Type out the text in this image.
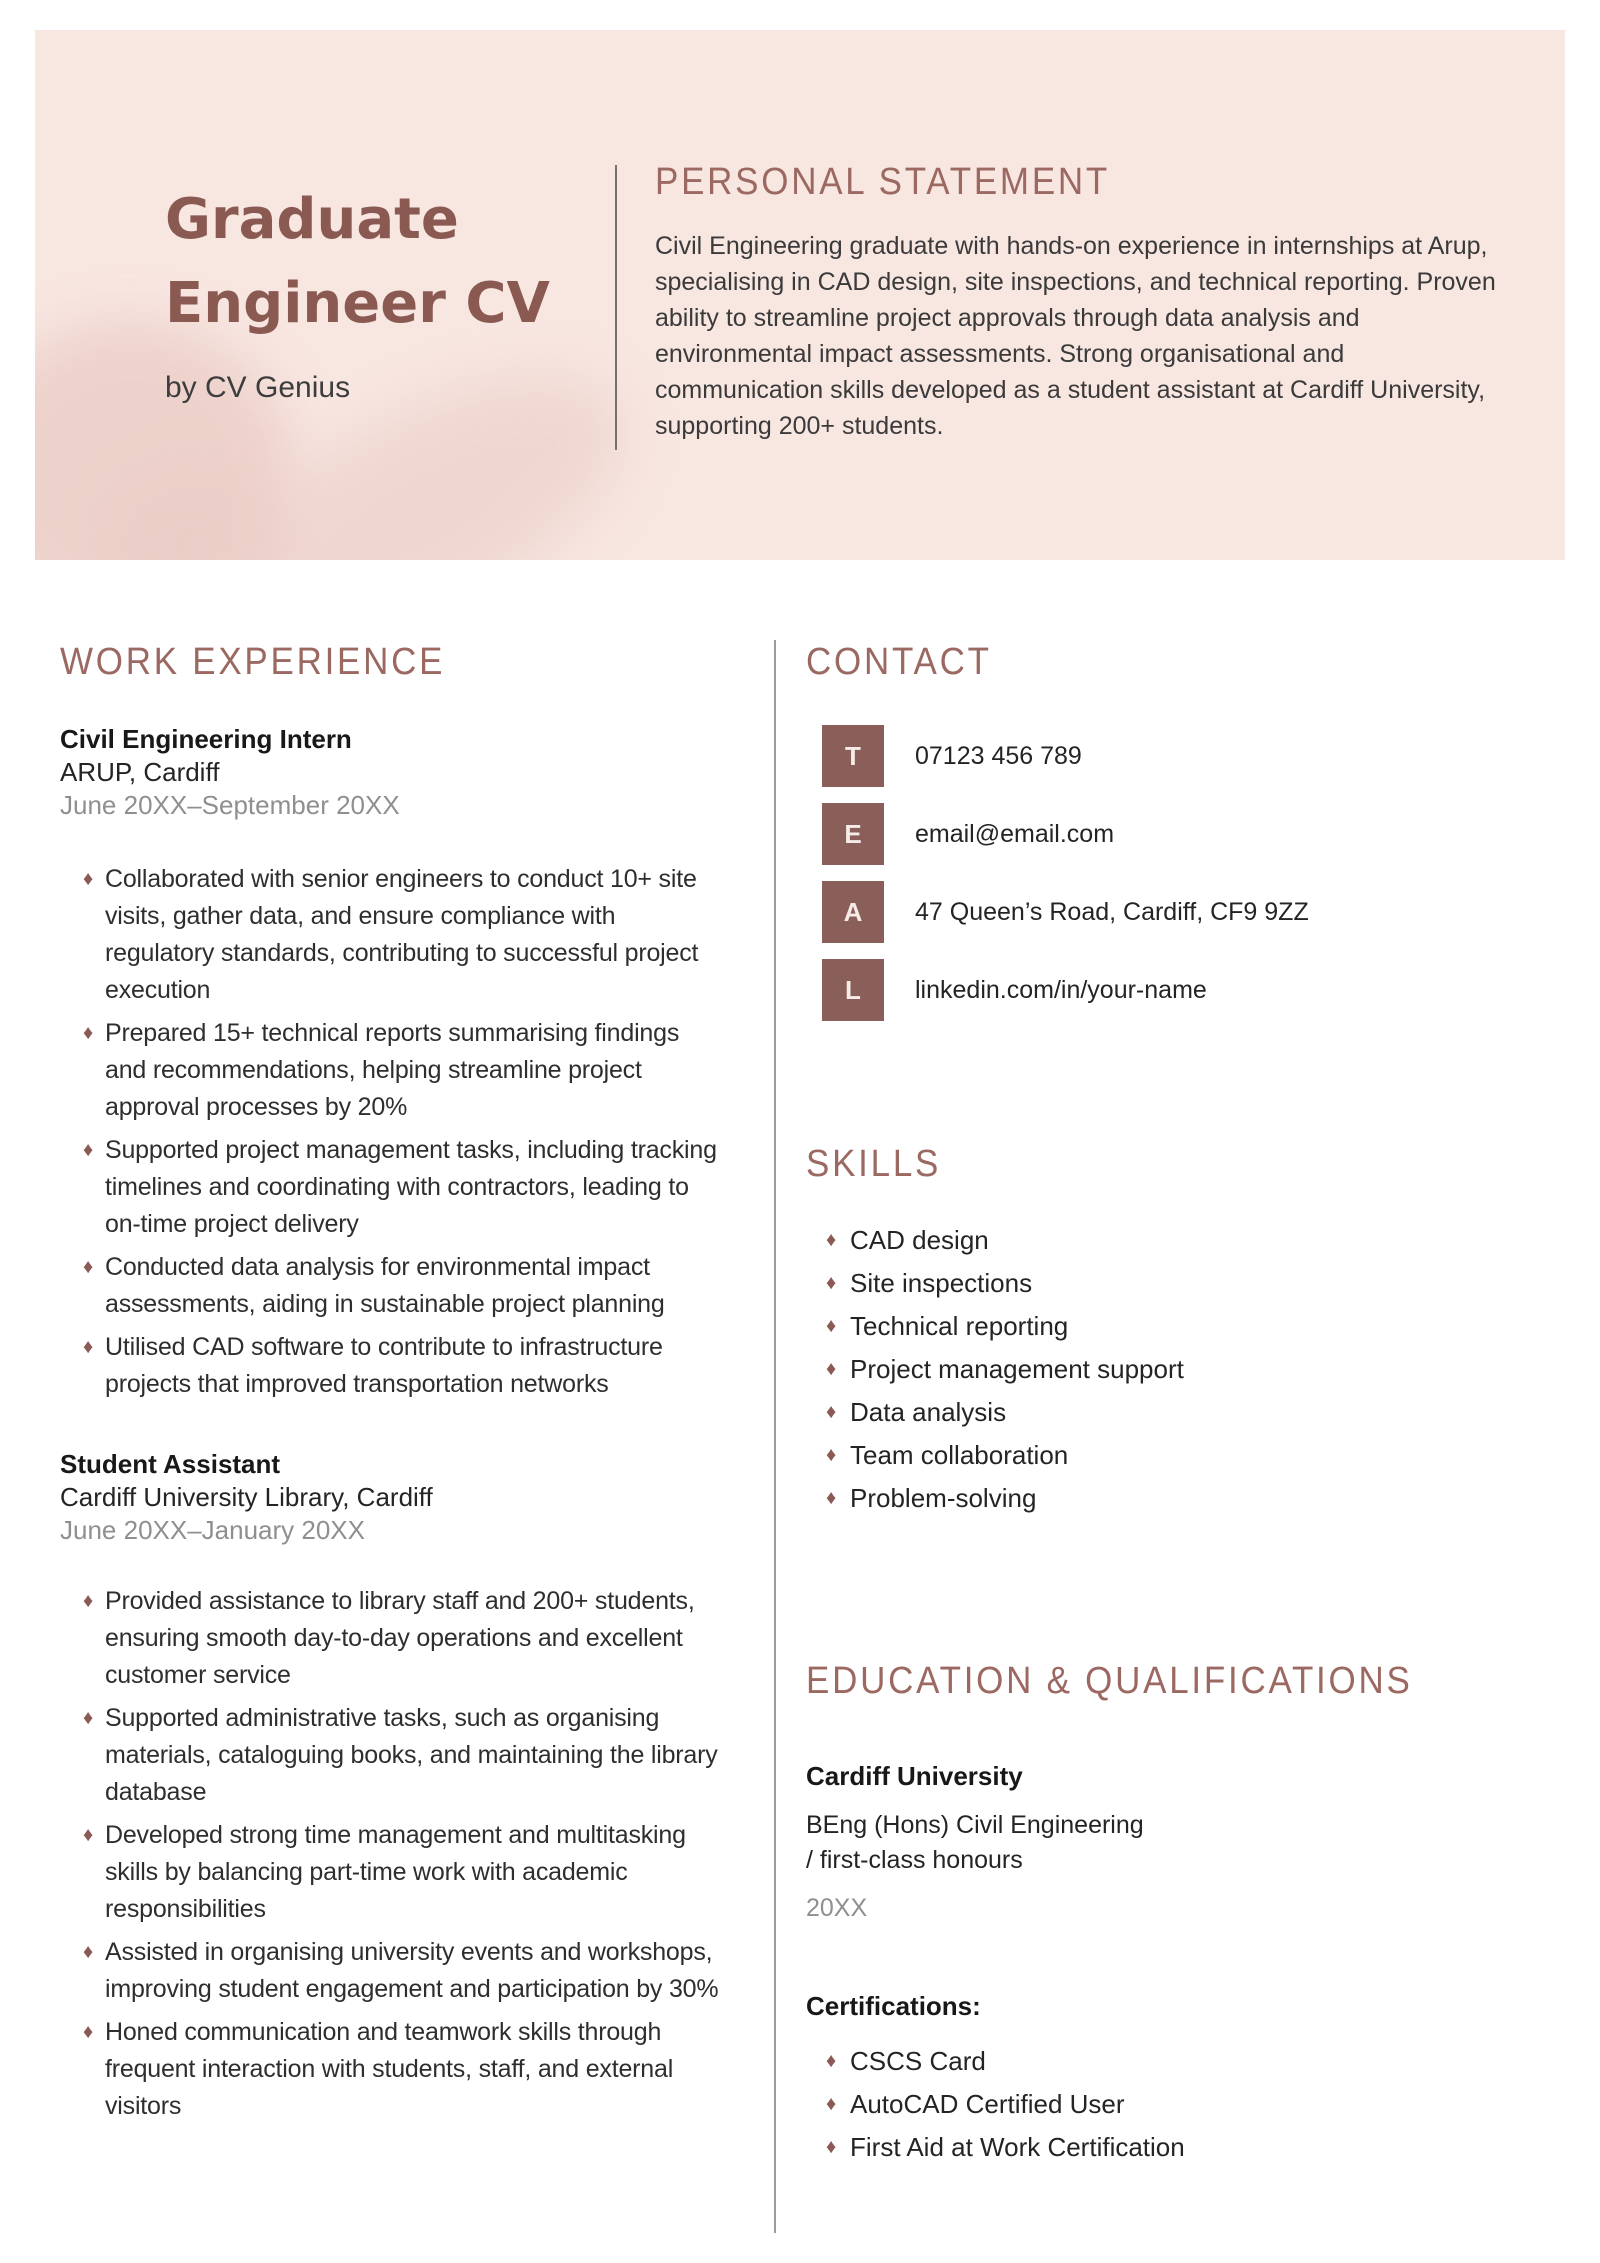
Graduate Engineer CV
by CV Genius
PERSONAL STATEMENT

Civil Engineering graduate with hands-on experience in internships at Arup, specialising in CAD design, site inspections, and technical reporting. Proven ability to streamline project approvals through data analysis and environmental impact assessments. Strong organisational and communication skills developed as a student assistant at Cardiff University, supporting 200+ students.

WORK EXPERIENCE
Civil Engineering Intern
ARUP, Cardiff
June 20XX–September 20XX
♦ Collaborated with senior engineers to conduct 10+ site visits, gather data, and ensure compliance with regulatory standards, contributing to successful project execution
♦ Prepared 15+ technical reports summarising findings and recommendations, helping streamline project approval processes by 20%
♦ Supported project management tasks, including tracking timelines and coordinating with contractors, leading to on-time project delivery
♦ Conducted data analysis for environmental impact assessments, aiding in sustainable project planning
♦ Utilised CAD software to contribute to infrastructure projects that improved transportation networks
Student Assistant
Cardiff University Library, Cardiff
June 20XX–January 20XX
♦ Provided assistance to library staff and 200+ students, ensuring smooth day-to-day operations and excellent customer service
♦ Supported administrative tasks, such as organising materials, cataloguing books, and maintaining the library database
♦ Developed strong time management and multitasking skills by balancing part-time work with academic responsibilities
♦ Assisted in organising university events and workshops, improving student engagement and participation by 30%
♦ Honed communication and teamwork skills through frequent interaction with students, staff, and external visitors
CONTACT
T	07123 456 789
E	email@email.com
A	47 Queen’s Road, Cardiff, CF9 9ZZ
L	linkedin.com/in/your-name
SKILLS
♦ CAD design
♦ Site inspections
♦ Technical reporting
♦ Project management support
♦ Data analysis
♦ Team collaboration
♦ Problem-solving
EDUCATION & QUALIFICATIONS
Cardiff University
BEng (Hons) Civil Engineering
/ first-class honours
20XX
Certifications:
♦ CSCS Card
♦ AutoCAD Certified User
♦ First Aid at Work Certification
